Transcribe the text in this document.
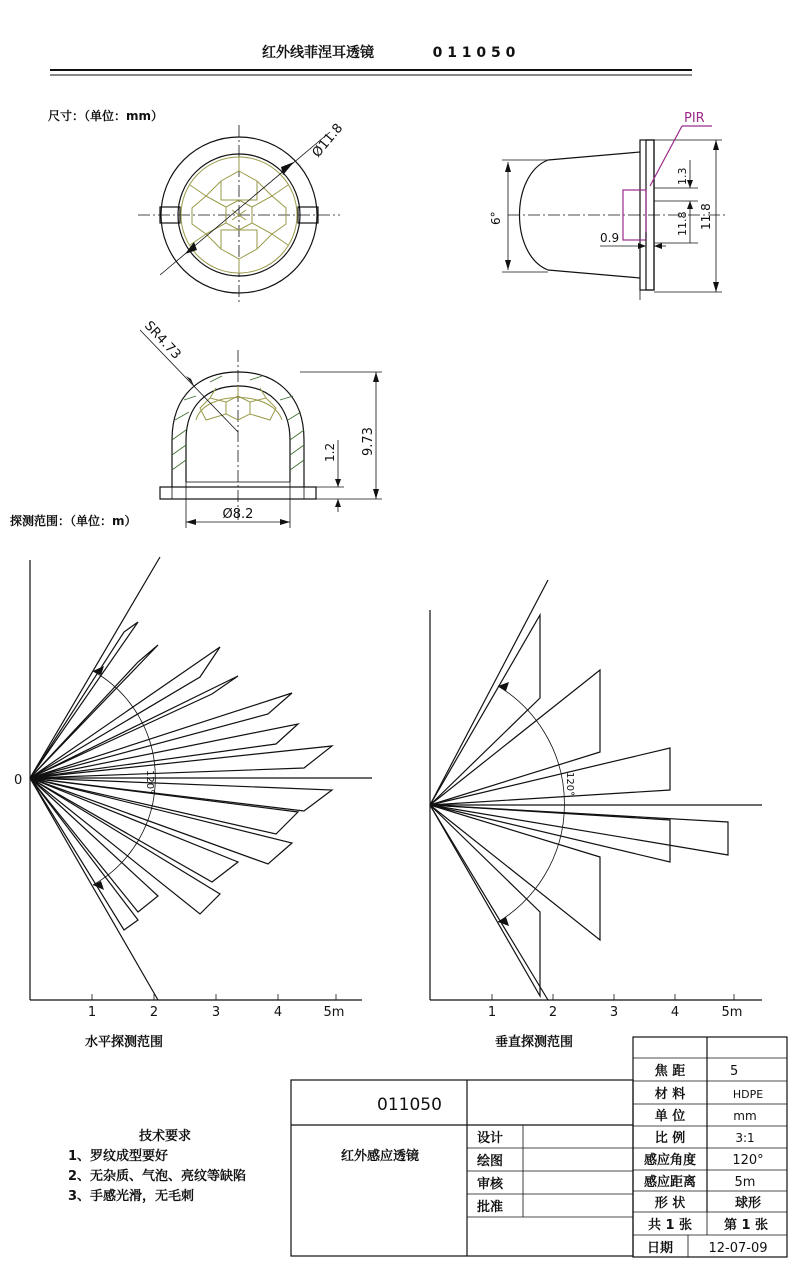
红外线菲涅耳透镜	0 1 1 0 5 0
尺寸：（单位：mm）
Ø11.8
6°	11.8
PIR
1.3
11.8
0.9
SR4.73
9.73
1.2
Ø8.2
探测范围：（单位：m）
0	120°
1	2	3	4	5m
水平探测范围
120°
1	2	3	4	5m
垂直探测范围
技术要求
1、罗纹成型要好
2、无杂质、气泡、亮纹等缺陷
3、手感光滑，无毛刺
011050
红外感应透镜
设计
绘图
审核
批准
焦 距	5
材 料	HDPE
单 位	mm
比 例	3:1
感应角度	120°
感应距离	5m
形 状	球形
共 1 张 第 1 张
日期	12-07-09
